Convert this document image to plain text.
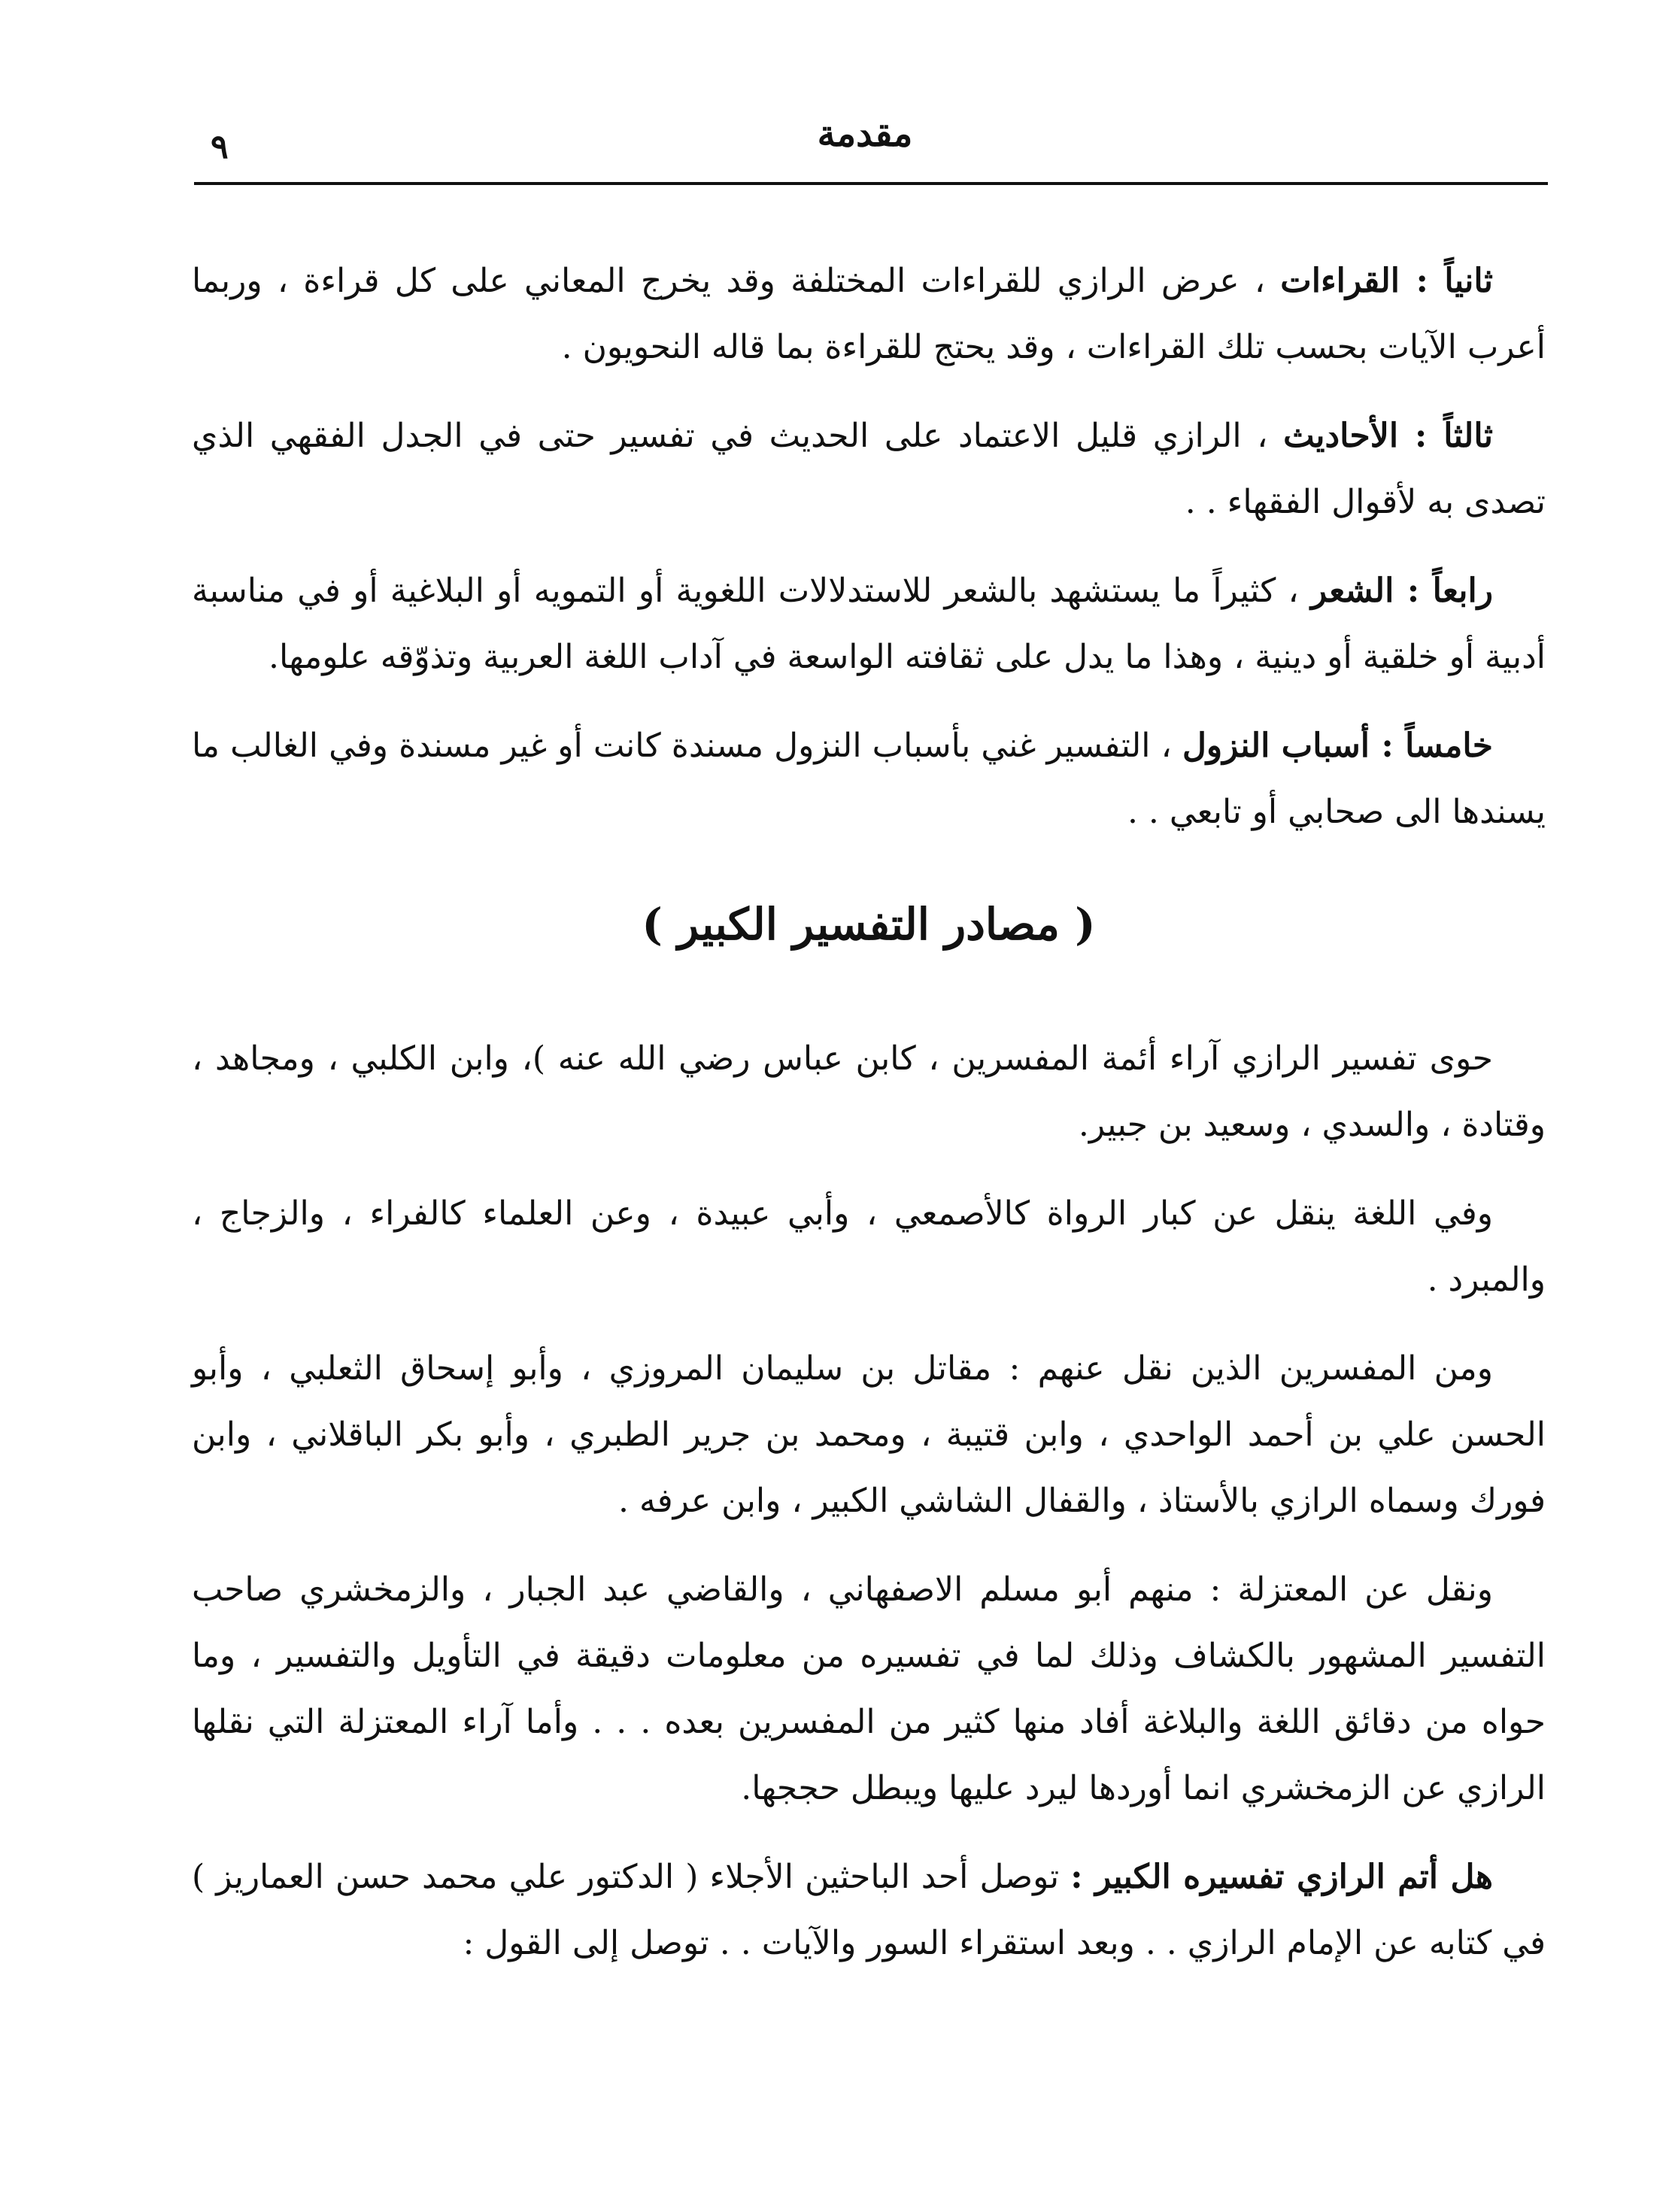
مقدمة
٩

ثانياً : القراءات ، عرض الرازي للقراءات المختلفة وقد يخرج المعاني على كل قراءة ، وربما أعرب الآيات بحسب تلك القراءات ، وقد يحتج للقراءة بما قاله النحويون .

ثالثاً : الأحاديث ، الرازي قليل الاعتماد على الحديث في تفسير حتى في الجدل الفقهي الذي تصدى به لأقوال الفقهاء . .

رابعاً : الشعر ، كثيراً ما يستشهد بالشعر للاستدلالات اللغوية أو التمويه أو البلاغية أو في مناسبة أدبية أو خلقية أو دينية ، وهذا ما يدل على ثقافته الواسعة في آداب اللغة العربية وتذوّقه علومها.

خامساً : أسباب النزول ، التفسير غني بأسباب النزول مسندة كانت أو غير مسندة وفي الغالب ما يسندها الى صحابي أو تابعي . .

( مصادر التفسير الكبير )

حوى تفسير الرازي آراء أئمة المفسرين ، كابن عباس رضي الله عنه )، وابن الكلبي ، ومجاهد ، وقتادة ، والسدي ، وسعيد بن جبير.

وفي اللغة ينقل عن كبار الرواة كالأصمعي ، وأبي عبيدة ، وعن العلماء كالفراء ، والزجاج ، والمبرد .

ومن المفسرين الذين نقل عنهم : مقاتل بن سليمان المروزي ، وأبو إسحاق الثعلبي ، وأبو الحسن علي بن أحمد الواحدي ، وابن قتيبة ، ومحمد بن جرير الطبري ، وأبو بكر الباقلاني ، وابن فورك وسماه الرازي بالأستاذ ، والقفال الشاشي الكبير ، وابن عرفه .

ونقل عن المعتزلة : منهم أبو مسلم الاصفهاني ، والقاضي عبد الجبار ، والزمخشري صاحب التفسير المشهور بالكشاف وذلك لما في تفسيره من معلومات دقيقة في التأويل والتفسير ، وما حواه من دقائق اللغة والبلاغة أفاد منها كثير من المفسرين بعده . . . وأما آراء المعتزلة التي نقلها الرازي عن الزمخشري انما أوردها ليرد عليها ويبطل حججها.

هل أتم الرازي تفسيره الكبير : توصل أحد الباحثين الأجلاء ( الدكتور علي محمد حسن العماريز ) في كتابه عن الإمام الرازي . . وبعد استقراء السور والآيات . . توصل إلى القول :
